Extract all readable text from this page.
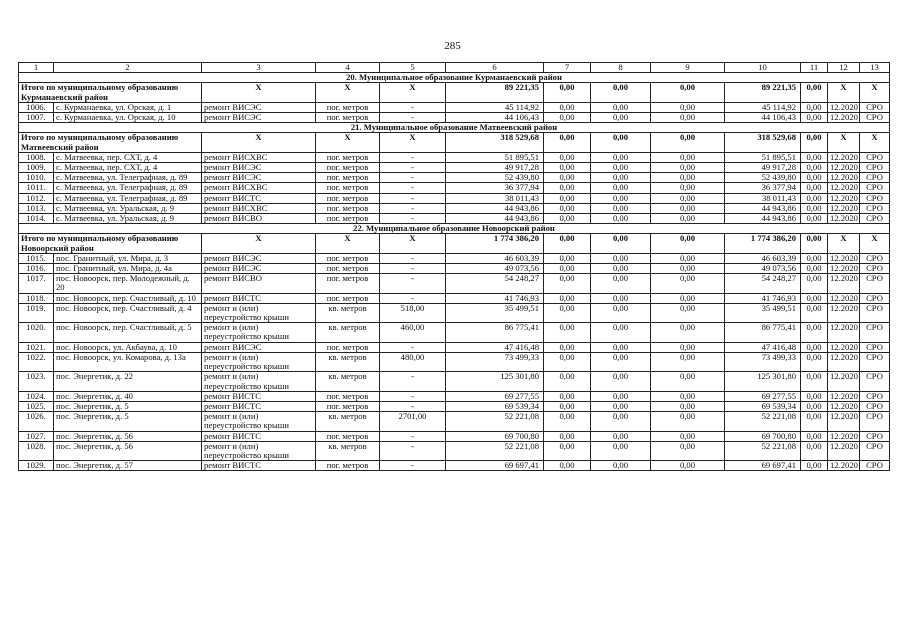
285
1	2	3	4	5	6	7	8	9	10	11	12	13
20. Муниципальное образование Курманаевский район												
Итого по муниципальному образованию Курманаевский район		X	X	X	89 221,35	0,00	0,00	0,00	89 221,35	0,00	X	X
1006.	с. Курманаевка, ул. Орская, д. 1	ремонт ВИСЭС	пог. метров	-	45 114,92	0,00	0,00	0,00	45 114,92	0,00	12.2020	СРО
1007.	с. Курманаевка, ул. Орская, д. 10	ремонт ВИСЭС	пог. метров	-	44 106,43	0,00	0,00	0,00	44 106,43	0,00	12.2020	СРО
21. Муниципальное образование Матвеевский район												
Итого по муниципальному образованию Матвеевский район		X	X	X	318 529,68	0,00	0,00	0,00	318 529,68	0,00	X	X
1008.	с. Матвеевка, пер. СХТ, д. 4	ремонт ВИСХВС	пог. метров	-	51 895,51	0,00	0,00	0,00	51 895,51	0,00	12.2020	СРО
1009.	с. Матвеевка, пер. СХТ, д. 4	ремонт ВИСЭС	пог. метров	-	49 917,28	0,00	0,00	0,00	49 917,28	0,00	12.2020	СРО
1010.	с. Матвеевка, ул. Телеграфная, д. 89	ремонт ВИСЭС	пог. метров	-	52 439,80	0,00	0,00	0,00	52 439,80	0,00	12.2020	СРО
1011.	с. Матвеевка, ул. Телеграфная, д. 89	ремонт ВИСХВС	пог. метров	-	36 377,94	0,00	0,00	0,00	36 377,94	0,00	12.2020	СРО
1012.	с. Матвеевка, ул. Телеграфная, д. 89	ремонт ВИСТС	пог. метров	-	38 011,43	0,00	0,00	0,00	38 011,43	0,00	12.2020	СРО
1013.	с. Матвеевка, ул. Уральская, д. 9	ремонт ВИСХВС	пог. метров	-	44 943,86	0,00	0,00	0,00	44 943,86	0,00	12.2020	СРО
1014.	с. Матвеевка, ул. Уральская, д. 9	ремонт ВИСВО	пог. метров	-	44 943,86	0,00	0,00	0,00	44 943,86	0,00	12.2020	СРО
22. Муниципальное образование Новоорский район												
Итого по муниципальному образованию Новоорский район		X	X	X	1 774 386,20	0,00	0,00	0,00	1 774 386,20	0,00	X	X
1015.	пос. Гранитный, ул. Мира, д. 3	ремонт ВИСЭС	пог. метров	-	46 603,39	0,00	0,00	0,00	46 603,39	0,00	12.2020	СРО
1016.	пос. Гранитный, ул. Мира, д. 4а	ремонт ВИСЭС	пог. метров	-	49 073,56	0,00	0,00	0,00	49 073,56	0,00	12.2020	СРО
1017.	пос. Новоорск, пер. Молодежный, д. 20	ремонт ВИСВО	пог. метров	-	54 248,27	0,00	0,00	0,00	54 248,27	0,00	12.2020	СРО
1018.	пос. Новоорск, пер. Счастливый, д. 10	ремонт ВИСТС	пог. метров	-	41 746,93	0,00	0,00	0,00	41 746,93	0,00	12.2020	СРО
1019.	пос. Новоорск, пер. Счастливый, д. 4	ремонт и (или) переустройство крыши	кв. метров	518,00	35 499,51	0,00	0,00	0,00	35 499,51	0,00	12.2020	СРО
1020.	пос. Новоорск, пер. Счастливый, д. 5	ремонт и (или) переустройство крыши	кв. метров	460,00	86 775,41	0,00	0,00	0,00	86 775,41	0,00	12.2020	СРО
1021.	пос. Новоорск, ул. Акбаува, д. 10	ремонт ВИСЭС	пог. метров	-	47 416,48	0,00	0,00	0,00	47 416,48	0,00	12.2020	СРО
1022.	пос. Новоорск, ул. Комарова, д. 13а	ремонт и (или) переустройство крыши	кв. метров	480,00	73 499,33	0,00	0,00	0,00	73 499,33	0,00	12.2020	СРО
1023.	пос. Энергетик, д. 22	ремонт и (или) переустройство крыши	кв. метров	-	125 301,80	0,00	0,00	0,00	125 301,80	0,00	12.2020	СРО
1024.	пос. Энергетик, д. 40	ремонт ВИСТС	пог. метров	-	69 277,55	0,00	0,00	0,00	69 277,55	0,00	12.2020	СРО
1025.	пос. Энергетик, д. 5	ремонт ВИСТС	пог. метров	-	69 539,34	0,00	0,00	0,00	69 539,34	0,00	12.2020	СРО
1026.	пос. Энергетик, д. 5	ремонт и (или) переустройство крыши	кв. метров	2701,00	52 221,08	0,00	0,00	0,00	52 221,08	0,00	12.2020	СРО
1027.	пос. Энергетик, д. 56	ремонт ВИСТС	пог. метров	-	69 700,80	0,00	0,00	0,00	69 700,80	0,00	12.2020	СРО
1028.	пос. Энергетик, д. 56	ремонт и (или) переустройство крыши	кв. метров	-	52 221,08	0,00	0,00	0,00	52 221,08	0,00	12.2020	СРО
1029.	пос. Энергетик, д. 57	ремонт ВИСТС	пог. метров	-	69 697,41	0,00	0,00	0,00	69 697,41	0,00	12.2020	СРО
